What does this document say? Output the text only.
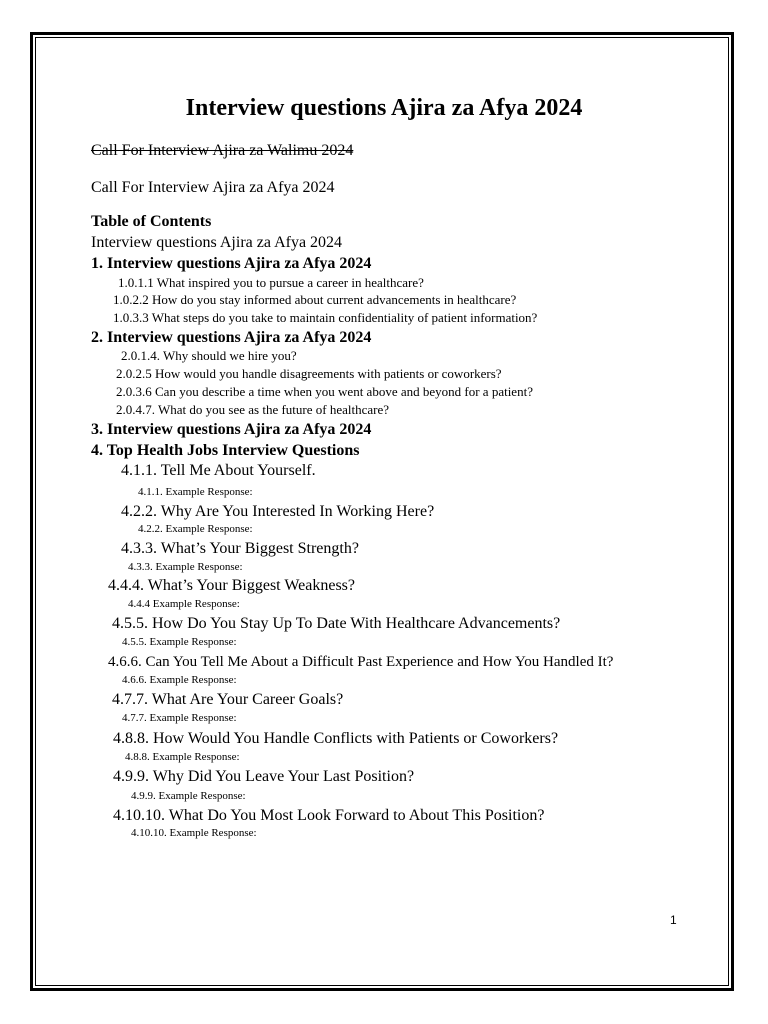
Interview questions Ajira za Afya 2024
Call For Interview Ajira za Walimu 2024
Call For Interview Ajira za Afya 2024
Table of Contents
Interview questions Ajira za Afya 2024
1. Interview questions Ajira za Afya 2024
1.0.1.1 What inspired you to pursue a career in healthcare?
1.0.2.2 How do you stay informed about current advancements in healthcare?
1.0.3.3 What steps do you take to maintain confidentiality of patient information?
2. Interview questions Ajira za Afya 2024
2.0.1.4. Why should we hire you?
2.0.2.5 How would you handle disagreements with patients or coworkers?
2.0.3.6 Can you describe a time when you went above and beyond for a patient?
2.0.4.7. What do you see as the future of healthcare?
3. Interview questions Ajira za Afya 2024
4. Top Health Jobs Interview Questions
4.1.1. Tell Me About Yourself.
4.1.1. Example Response:
4.2.2. Why Are You Interested In Working Here?
4.2.2. Example Response:
4.3.3. What’s Your Biggest Strength?
4.3.3. Example Response:
4.4.4. What’s Your Biggest Weakness?
4.4.4 Example Response:
4.5.5. How Do You Stay Up To Date With Healthcare Advancements?
4.5.5. Example Response:
4.6.6. Can You Tell Me About a Difficult Past Experience and How You Handled It?
4.6.6. Example Response:
4.7.7. What Are Your Career Goals?
4.7.7. Example Response:
4.8.8. How Would You Handle Conflicts with Patients or Coworkers?
4.8.8. Example Response:
4.9.9. Why Did You Leave Your Last Position?
4.9.9. Example Response:
4.10.10. What Do You Most Look Forward to About This Position?
4.10.10. Example Response:
1
